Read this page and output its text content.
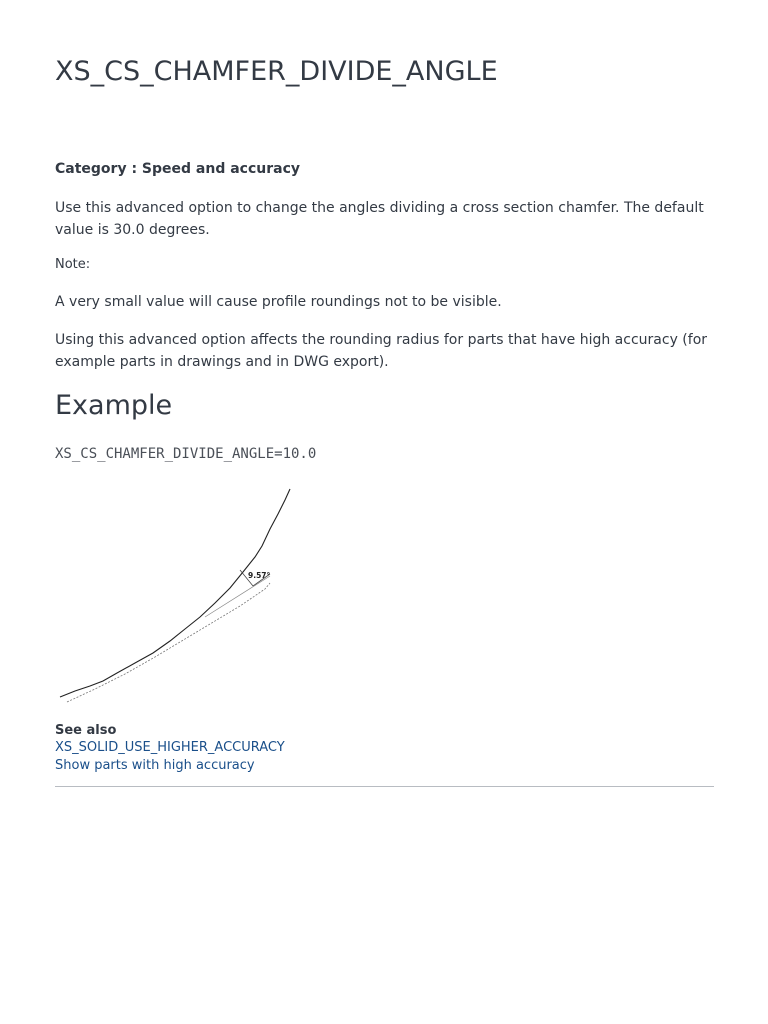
XS_CS_CHAMFER_DIVIDE_ANGLE

Category : Speed and accuracy

Use this advanced option to change the angles dividing a cross section chamfer. The default value is 30.0 degrees.

Note:

A very small value will cause profile roundings not to be visible.

Using this advanced option affects the rounding radius for parts that have high accuracy (for example parts in drawings and in DWG export).

Example
XS_CS_CHAMFER_DIVIDE_ANGLE=10.0
9.57°

See also

XS_SOLID_USE_HIGHER_ACCURACY
Show parts with high accuracy
